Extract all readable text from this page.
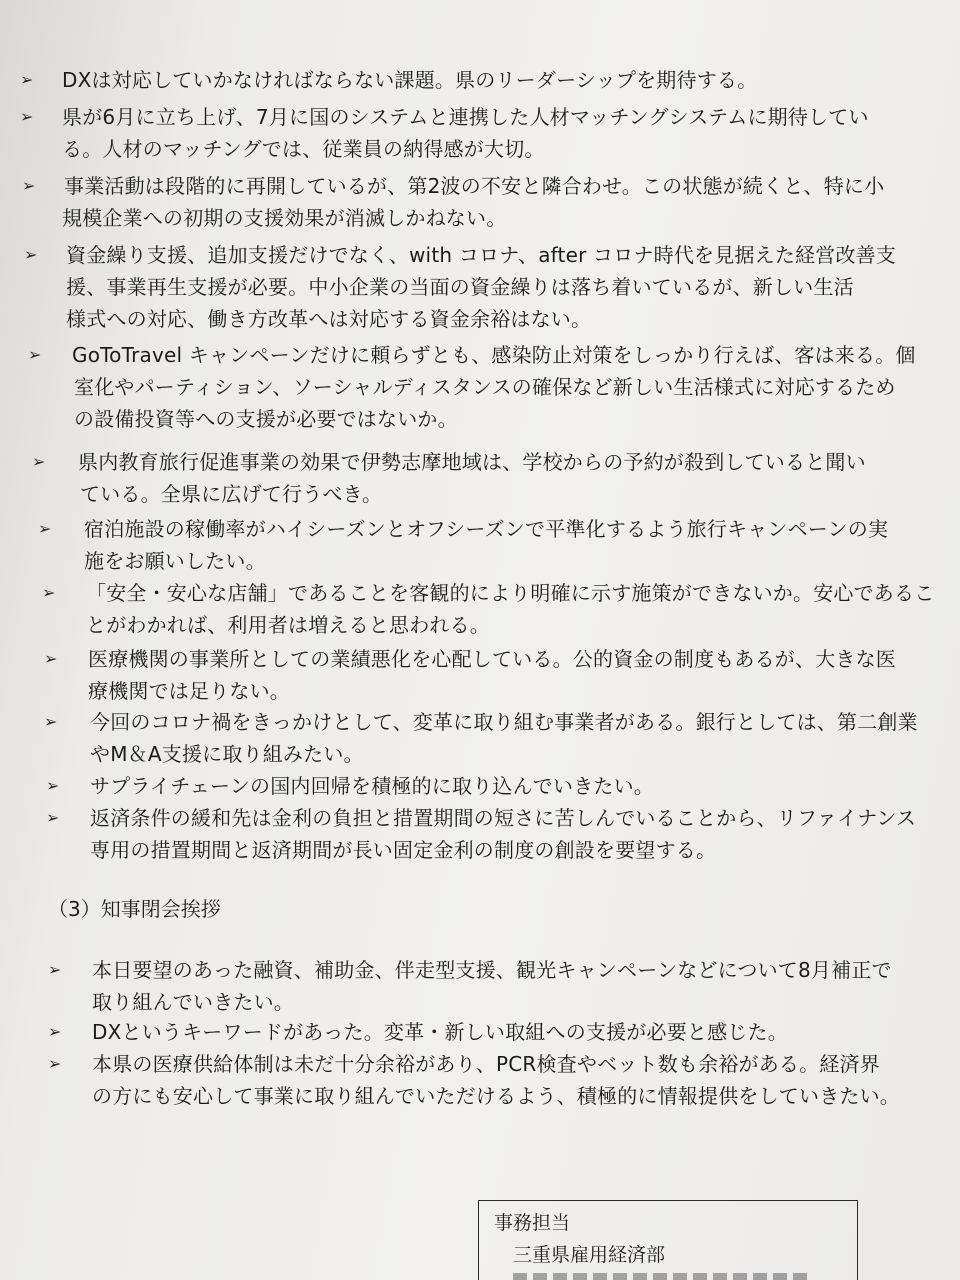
➢ DXは対応していかなければならない課題。県のリーダーシップを期待する。
➢ 県が6月に立ち上げ、7月に国のシステムと連携した人材マッチングシステムに期待してい
る。人材のマッチングでは、従業員の納得感が大切。
➢ 事業活動は段階的に再開しているが、第2波の不安と隣合わせ。この状態が続くと、特に小
規模企業への初期の支援効果が消滅しかねない。
➢ 資金繰り支援、追加支援だけでなく、with コロナ、after コロナ時代を見据えた経営改善支
援、事業再生支援が必要。中小企業の当面の資金繰りは落ち着いているが、新しい生活
様式への対応、働き方改革へは対応する資金余裕はない。
➢ GoToTravel キャンペーンだけに頼らずとも、感染防止対策をしっかり行えば、客は来る。個
室化やパーティション、ソーシャルディスタンスの確保など新しい生活様式に対応するため
の設備投資等への支援が必要ではないか。
➢ 県内教育旅行促進事業の効果で伊勢志摩地域は、学校からの予約が殺到していると聞い
ている。全県に広げて行うべき。
➢ 宿泊施設の稼働率がハイシーズンとオフシーズンで平準化するよう旅行キャンペーンの実
施をお願いしたい。
➢ 「安全・安心な店舗」であることを客観的により明確に示す施策ができないか。安心であるこ
とがわかれば、利用者は増えると思われる。
➢ 医療機関の事業所としての業績悪化を心配している。公的資金の制度もあるが、大きな医
療機関では足りない。
➢ 今回のコロナ禍をきっかけとして、変革に取り組む事業者がある。銀行としては、第二創業
やM＆A支援に取り組みたい。
➢ サプライチェーンの国内回帰を積極的に取り込んでいきたい。
➢ 返済条件の緩和先は金利の負担と措置期間の短さに苦しんでいることから、リファイナンス
専用の措置期間と返済期間が長い固定金利の制度の創設を要望する。
（3）知事閉会挨拶
➢ 本日要望のあった融資、補助金、伴走型支援、観光キャンペーンなどについて8月補正で
取り組んでいきたい。
➢ DXというキーワードがあった。変革・新しい取組への支援が必要と感じた。
➢ 本県の医療供給体制は未だ十分余裕があり、PCR検査やベット数も余裕がある。経済界
の方にも安心して事業に取り組んでいただけるよう、積極的に情報提供をしていきたい。
事務担当
三重県雇用経済部
